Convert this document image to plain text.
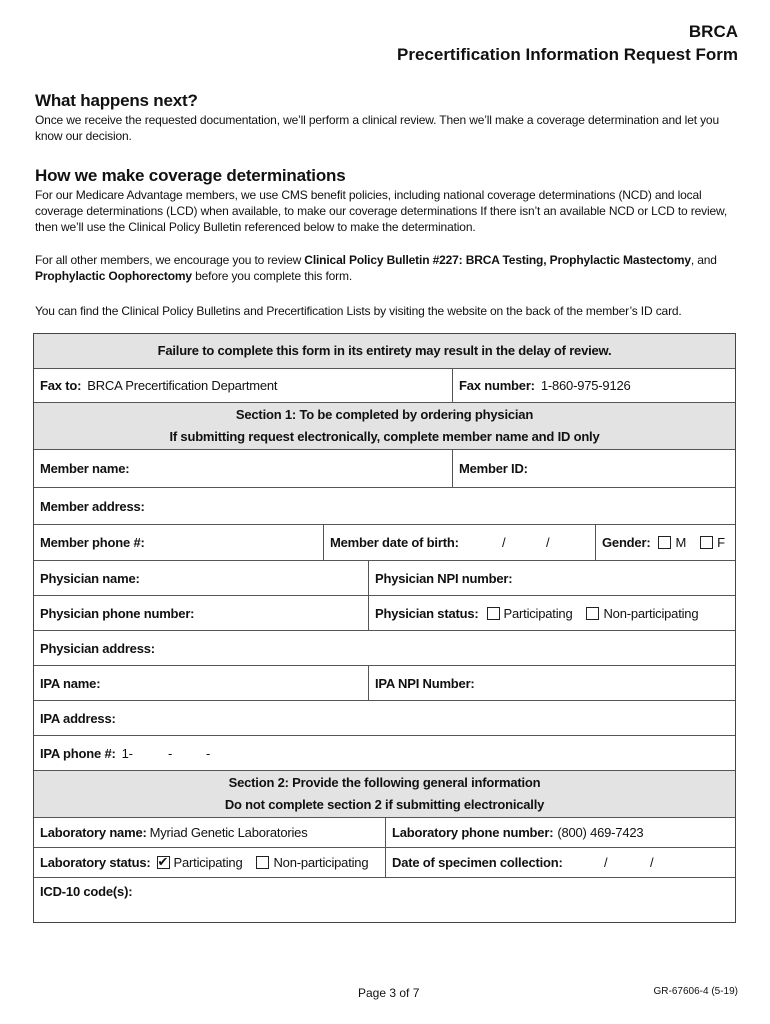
BRCA
Precertification Information Request Form
What happens next?
Once we receive the requested documentation, we’ll perform a clinical review. Then we’ll make a coverage determination and let you know our decision.
How we make coverage determinations
For our Medicare Advantage members, we use CMS benefit policies, including national coverage determinations (NCD) and local coverage determinations (LCD) when available, to make our coverage determinations If there isn’t an available NCD or LCD to review, then we’ll use the Clinical Policy Bulletin referenced below to make the determination.
For all other members, we encourage you to review Clinical Policy Bulletin #227: BRCA Testing, Prophylactic Mastectomy, and Prophylactic Oophorectomy before you complete this form.
You can find the Clinical Policy Bulletins and Precertification Lists by visiting the website on the back of the member’s ID card.
Failure to complete this form in its entirety may result in the delay of review.
Fax to: BRCA Precertification Department	Fax number: 1-860-975-9126
Section 1: To be completed by ordering physician
If submitting request electronically, complete member name and ID only
Member name:	Member ID:
Member address:
Member phone #:	Member date of birth:	/	/	Gender: M F
Physician name:	Physician NPI number:
Physician phone number:	Physician status: Participating Non-participating
Physician address:
IPA name:	IPA NPI Number:
IPA address:
IPA phone #: 1-	-	-
Section 2: Provide the following general information
Do not complete section 2 if submitting electronically
Laboratory name: Myriad Genetic Laboratories	Laboratory phone number: (800) 469-7423
Laboratory status: ✔ Participating Non-participating Date of specimen collection:	/	/
ICD-10 code(s):
Page 3 of 7	GR-67606-4 (5-19)
